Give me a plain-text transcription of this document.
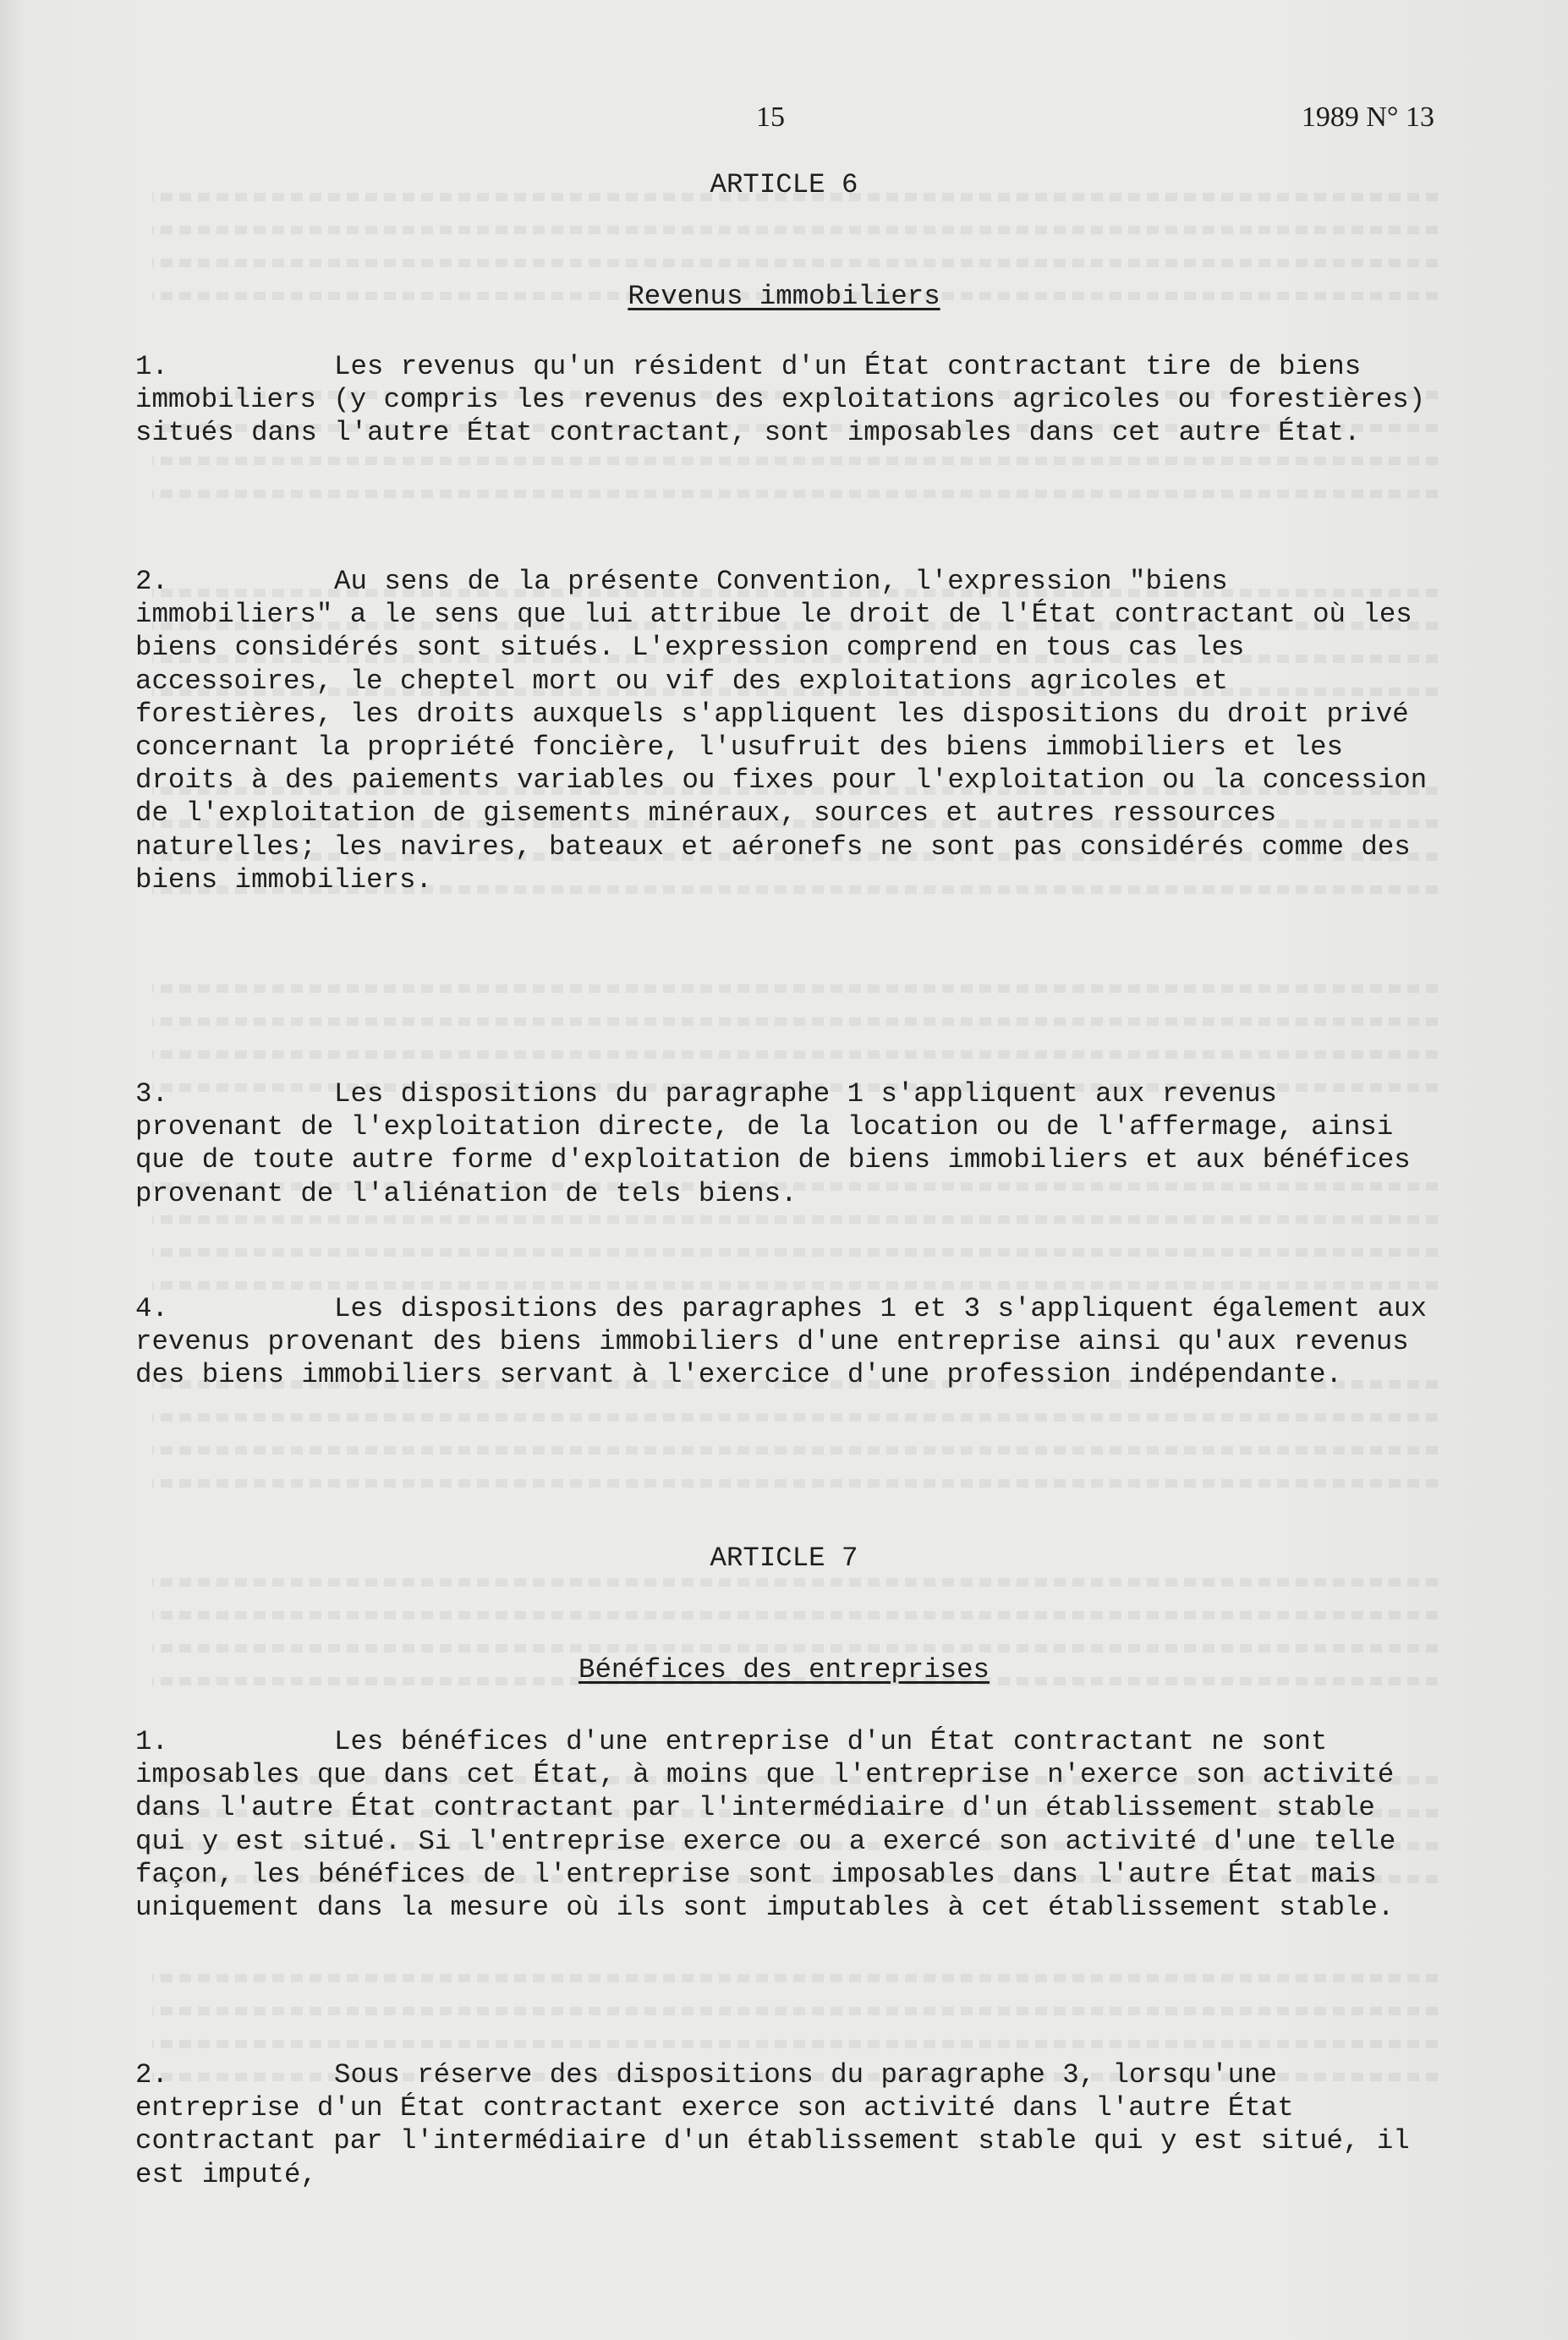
15	1989 N° 13
ARTICLE 6
Revenus immobiliers

1.	Les revenus qu'un résident d'un État contractant tire de biens immobiliers (y compris les revenus des exploitations agricoles ou forestières) situés dans l'autre État contractant, sont imposables dans cet autre État.

2.	Au sens de la présente Convention, l'expression "biens immobiliers" a le sens que lui attribue le droit de l'État contractant où les biens considérés sont situés. L'expression comprend en tous cas les accessoires, le cheptel mort ou vif des exploitations agricoles et forestières, les droits auxquels s'appliquent les dispositions du droit privé concernant la propriété foncière, l'usufruit des biens immobiliers et les droits à des paiements variables ou fixes pour l'exploitation ou la concession de l'exploitation de gisements minéraux, sources et autres ressources naturelles; les navires, bateaux et aéronefs ne sont pas considérés comme des biens immobiliers.

3.	Les dispositions du paragraphe 1 s'appliquent aux revenus provenant de l'exploitation directe, de la location ou de l'affermage, ainsi que de toute autre forme d'exploitation de biens immobiliers et aux bénéfices provenant de l'aliénation de tels biens.

4.	Les dispositions des paragraphes 1 et 3 s'appliquent également aux revenus provenant des biens immobiliers d'une entreprise ainsi qu'aux revenus des biens immobiliers servant à l'exercice d'une profession indépendante.

ARTICLE 7
Bénéfices des entreprises

1.	Les bénéfices d'une entreprise d'un État contractant ne sont imposables que dans cet État, à moins que l'entreprise n'exerce son activité dans l'autre État contractant par l'intermédiaire d'un établissement stable qui y est situé. Si l'entreprise exerce ou a exercé son activité d'une telle façon, les bénéfices de l'entreprise sont imposables dans l'autre État mais uniquement dans la mesure où ils sont imputables à cet établissement stable.

2.	Sous réserve des dispositions du paragraphe 3, lorsqu'une entreprise d'un État contractant exerce son activité dans l'autre État contractant par l'intermédiaire d'un établissement stable qui y est situé, il est imputé,
